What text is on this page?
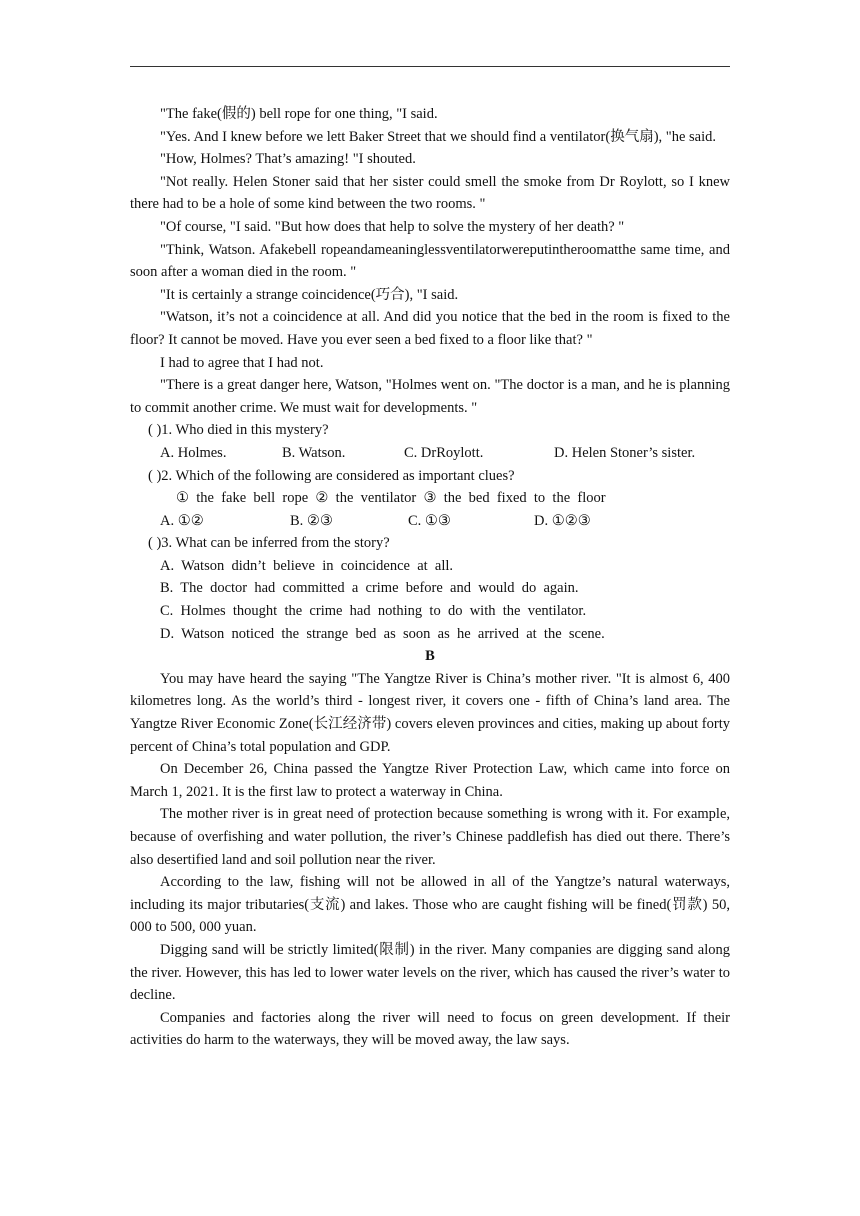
"The fake(假的) bell rope for one thing, "I said.

"Yes. And I knew before we lett Baker Street that we should find a ventilator(换气扇), "he said.

"How, Holmes? That’s amazing! "I shouted.

"Not really. Helen Stoner said that her sister could smell the smoke from Dr Roylott, so I knew there had to be a hole of some kind between the two rooms. "

"Of course, "I said. "But how does that help to solve the mystery of her death? "

"Think, Watson. Afakebell ropeandameaninglessventilatorwereputintheroomatthe same time, and soon after a woman died in the room. "

"It is certainly a strange coincidence(巧合), "I said.

"Watson, it’s not a coincidence at all. And did you notice that the bed in the room is fixed to the floor? It cannot be moved. Have you ever seen a bed fixed to a floor like that? "

I had to agree that I had not.

"There is a great danger here, Watson, "Holmes went on. "The doctor is a man, and he is planning to commit another crime. We must wait for developments. "

( )1. Who died in this mystery?

A. Holmes.	B. Watson.	C. DrRoylott.	D. Helen Stoner’s sister.

( )2. Which of the following are considered as important clues?

①  the  fake  bell  rope  ②  the  ventilator  ③  the  bed  fixed  to  the  floor

A. ①②	B. ②③	C. ①③	D. ①②③

( )3. What can be inferred from the story?

A.  Watson  didn’t  believe  in  coincidence  at  all.

B.  The  doctor  had  committed  a  crime  before  and  would  do  again.

C.  Holmes  thought  the  crime  had  nothing  to  do  with  the  ventilator.

D.  Watson  noticed  the  strange  bed  as  soon  as  he  arrived  at  the  scene.

B

You may have heard the saying "The Yangtze River is China’s mother river. "It is almost 6, 400 kilometres long. As the world’s third - longest river, it covers one - fifth of China’s land area. The Yangtze River Economic Zone(长江经济带) covers eleven provinces and cities, making up about forty percent of China’s total population and GDP.

On December 26, China passed the Yangtze River Protection Law, which came into force on March 1, 2021. It is the first law to protect a waterway in China.

The mother river is in great need of protection because something is wrong with it. For example, because of overfishing and water pollution, the river’s Chinese paddlefish has died out there. There’s also desertified land and soil pollution near the river.

According to the law, fishing will not be allowed in all of the Yangtze’s natural waterways, including its major tributaries(支流) and lakes. Those who are caught fishing will be fined(罚款) 50, 000 to 500, 000 yuan.

Digging sand will be strictly limited(限制) in the river. Many companies are digging sand along the river. However, this has led to lower water levels on the river, which has caused the river’s water to decline.

Companies and factories along the river will need to focus on green development. If their activities do harm to the waterways, they will be moved away, the law says.
